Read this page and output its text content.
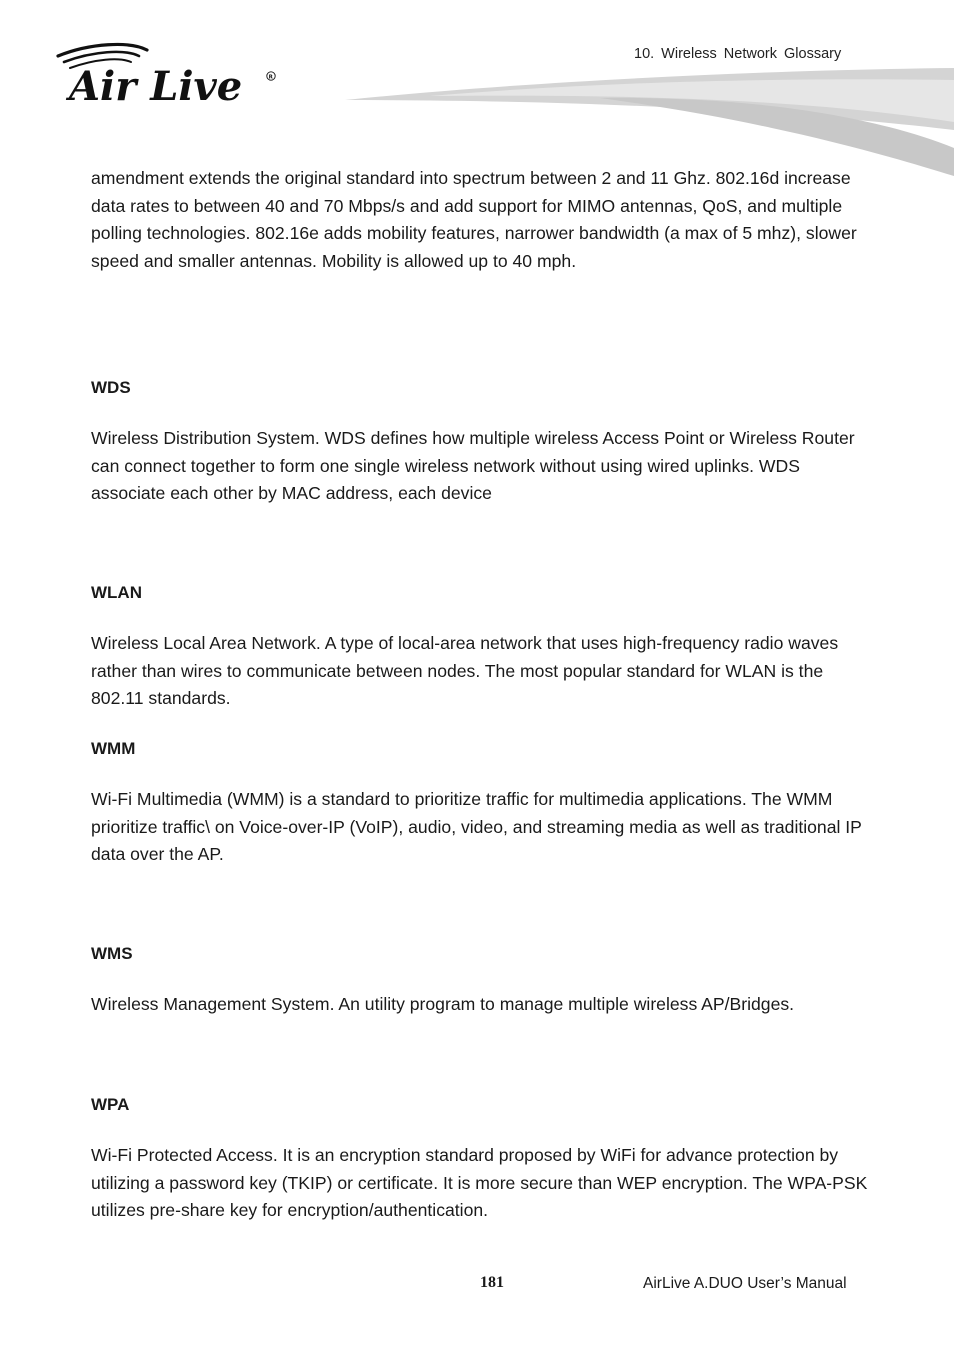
Air Live	R
10. Wireless Network Glossary

amendment extends the original standard into spectrum between 2 and 11 Ghz. 802.16d increase data rates to between 40 and 70 Mbps/s and add support for MIMO antennas, QoS, and multiple polling technologies. 802.16e adds mobility features, narrower bandwidth (a max of 5 mhz), slower speed and smaller antennas. Mobility is allowed up to 40 mph.

WDS

Wireless Distribution System. WDS defines how multiple wireless Access Point or Wireless Router can connect together to form one single wireless network without using wired uplinks. WDS associate each other by MAC address, each device

WLAN

Wireless Local Area Network. A type of local-area network that uses high-frequency radio waves rather than wires to communicate between nodes. The most popular standard for WLAN is the 802.11 standards.

WMM

Wi-Fi Multimedia (WMM) is a standard to prioritize traffic for multimedia applications. The WMM prioritize traffic\ on Voice-over-IP (VoIP), audio, video, and streaming media as well as traditional IP data over the AP.

WMS

Wireless Management System. An utility program to manage multiple wireless AP/Bridges.

WPA

Wi-Fi Protected Access. It is an encryption standard proposed by WiFi for advance protection by utilizing a password key (TKIP) or certificate. It is more secure than WEP encryption. The WPA-PSK utilizes pre-share key for encryption/authentication.

181	AirLive A.DUO User’s Manual
